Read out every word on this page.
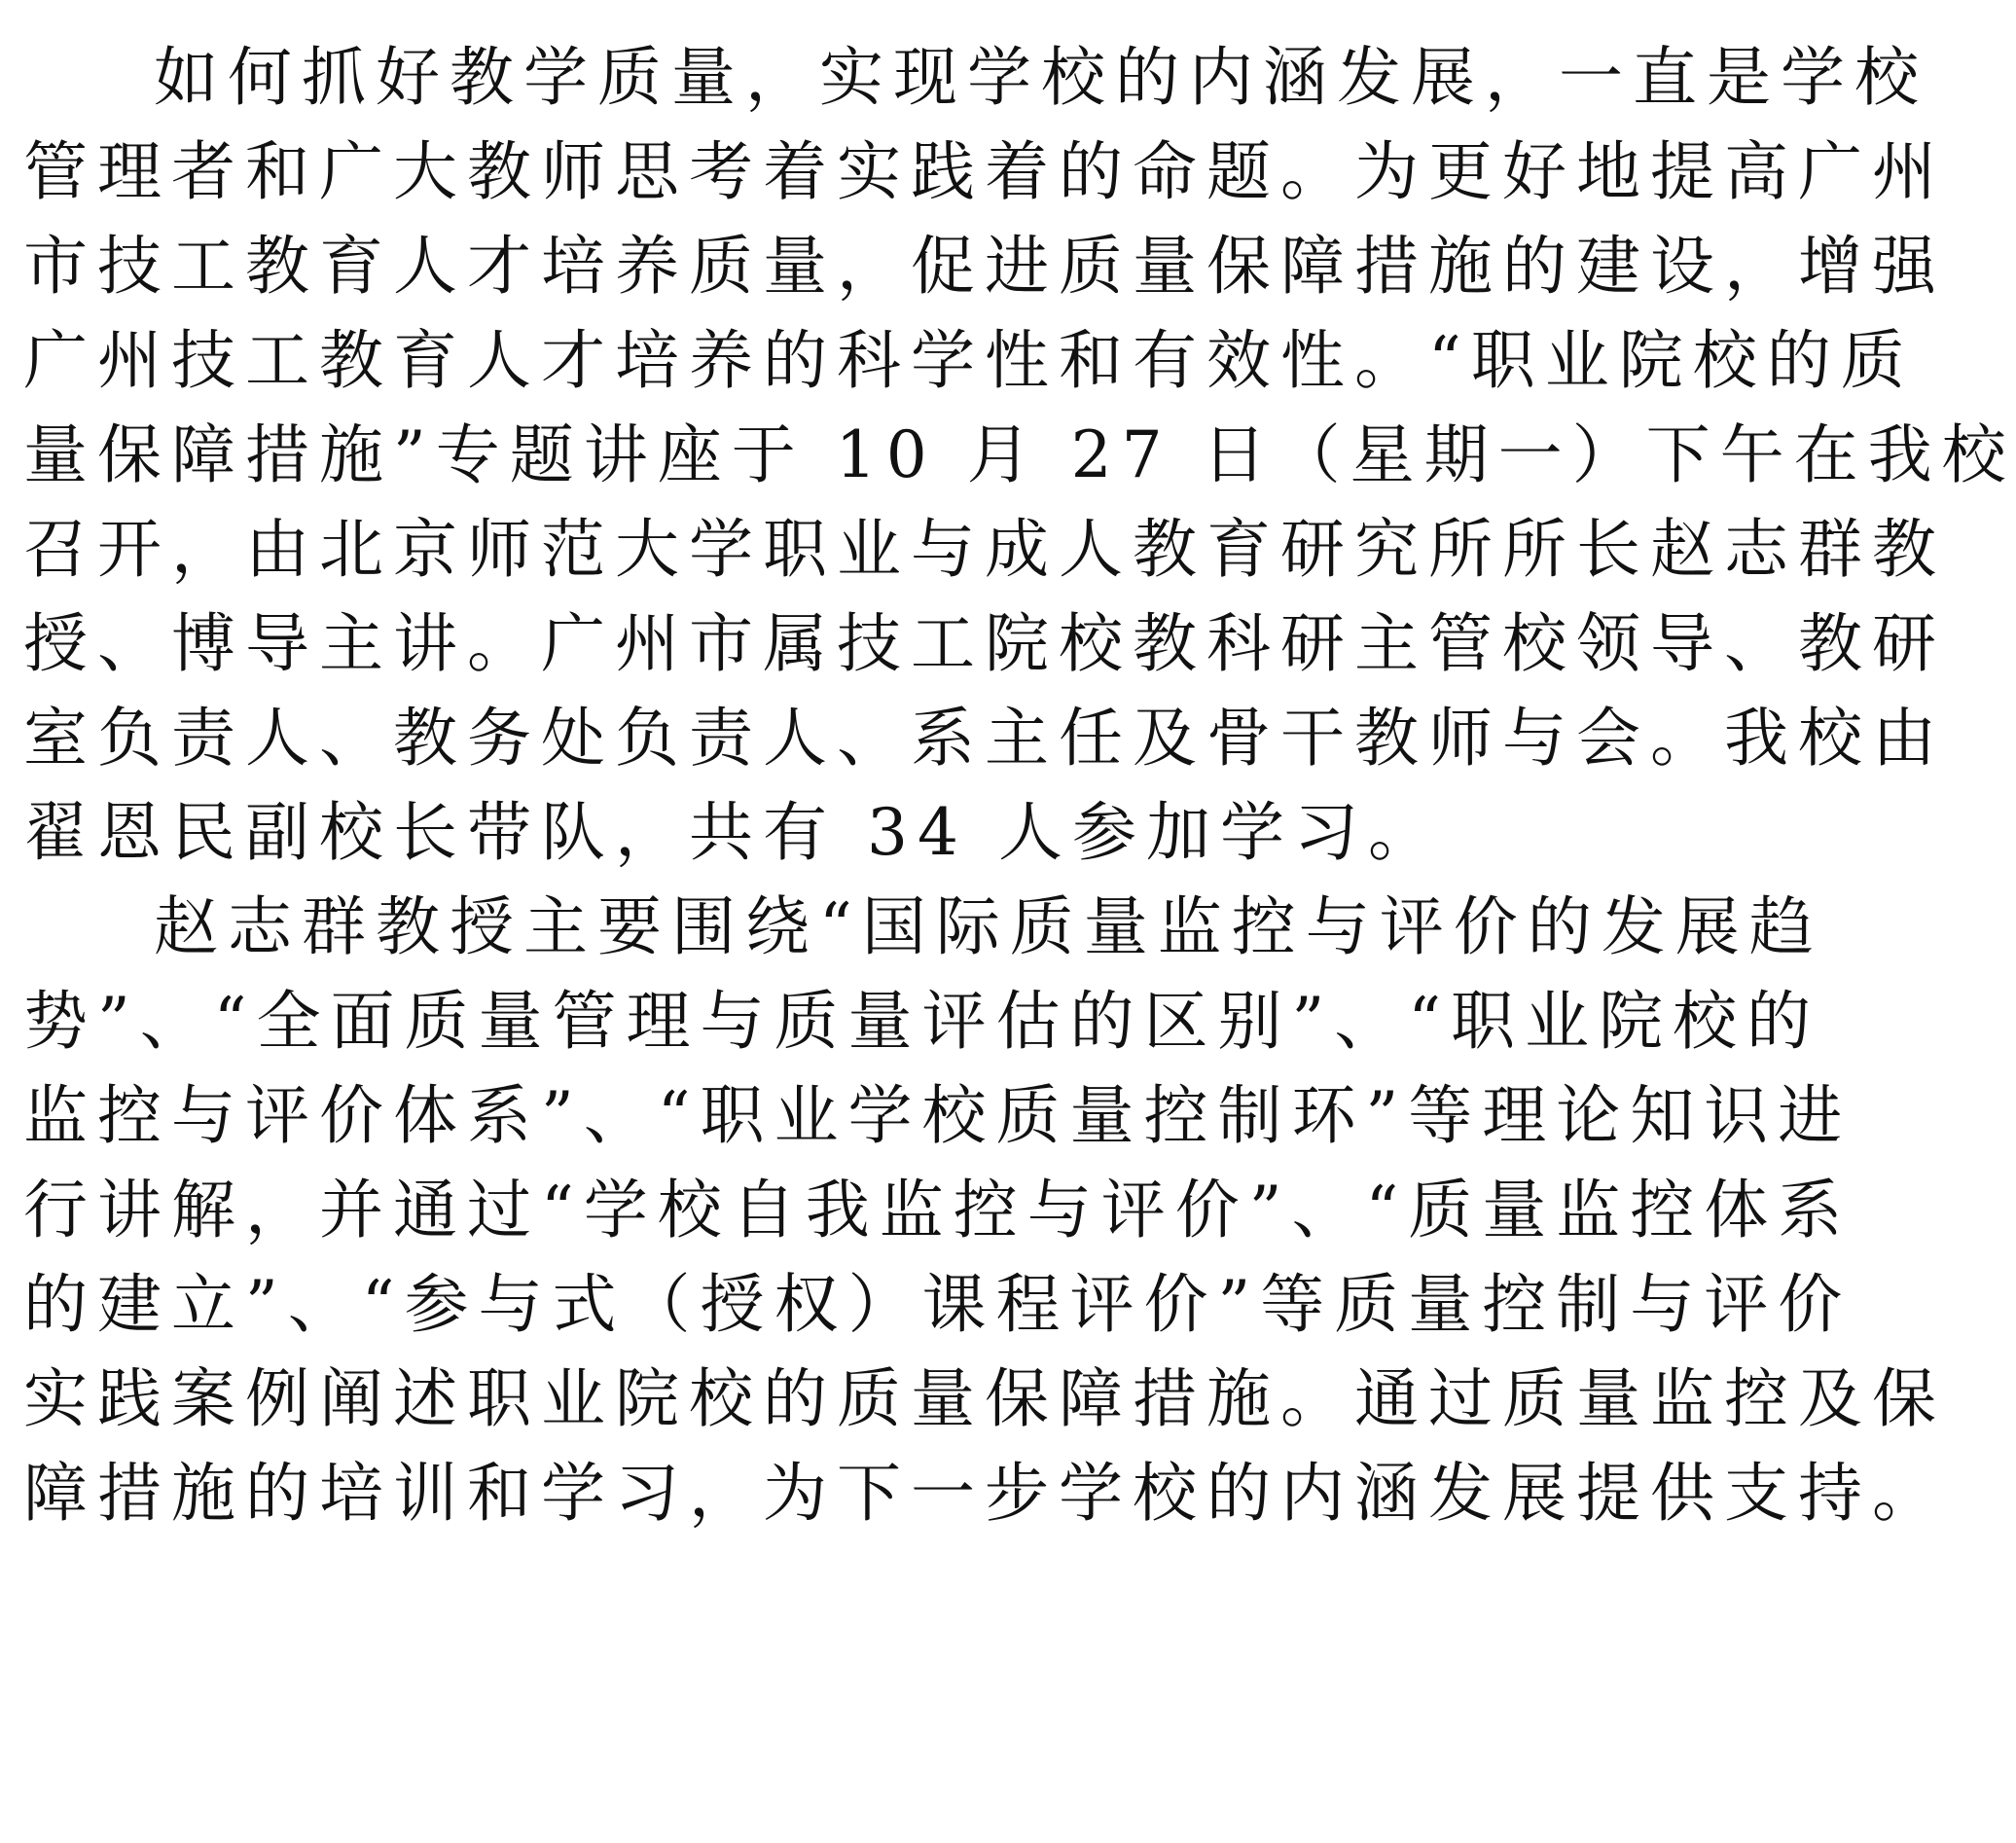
如何抓好教学质量，实现学校的内涵发展，一直是学校
管理者和广大教师思考着实践着的命题。为更好地提高广州
市技工教育人才培养质量，促进质量保障措施的建设，增强
广州技工教育人才培养的科学性和有效性。“职业院校的质
量保障措施”专题讲座于 10 月 27 日（星期一）下午在我校
召开，由北京师范大学职业与成人教育研究所所长赵志群教
授、博导主讲。广州市属技工院校教科研主管校领导、教研
室负责人、教务处负责人、系主任及骨干教师与会。我校由
翟恩民副校长带队，共有 34 人参加学习。
赵志群教授主要围绕“国际质量监控与评价的发展趋
势”、“全面质量管理与质量评估的区别”、“职业院校的
监控与评价体系”、“职业学校质量控制环”等理论知识进
行讲解，并通过“学校自我监控与评价”、“质量监控体系
的建立”、“参与式（授权）课程评价”等质量控制与评价
实践案例阐述职业院校的质量保障措施。通过质量监控及保
障措施的培训和学习，为下一步学校的内涵发展提供支持。
